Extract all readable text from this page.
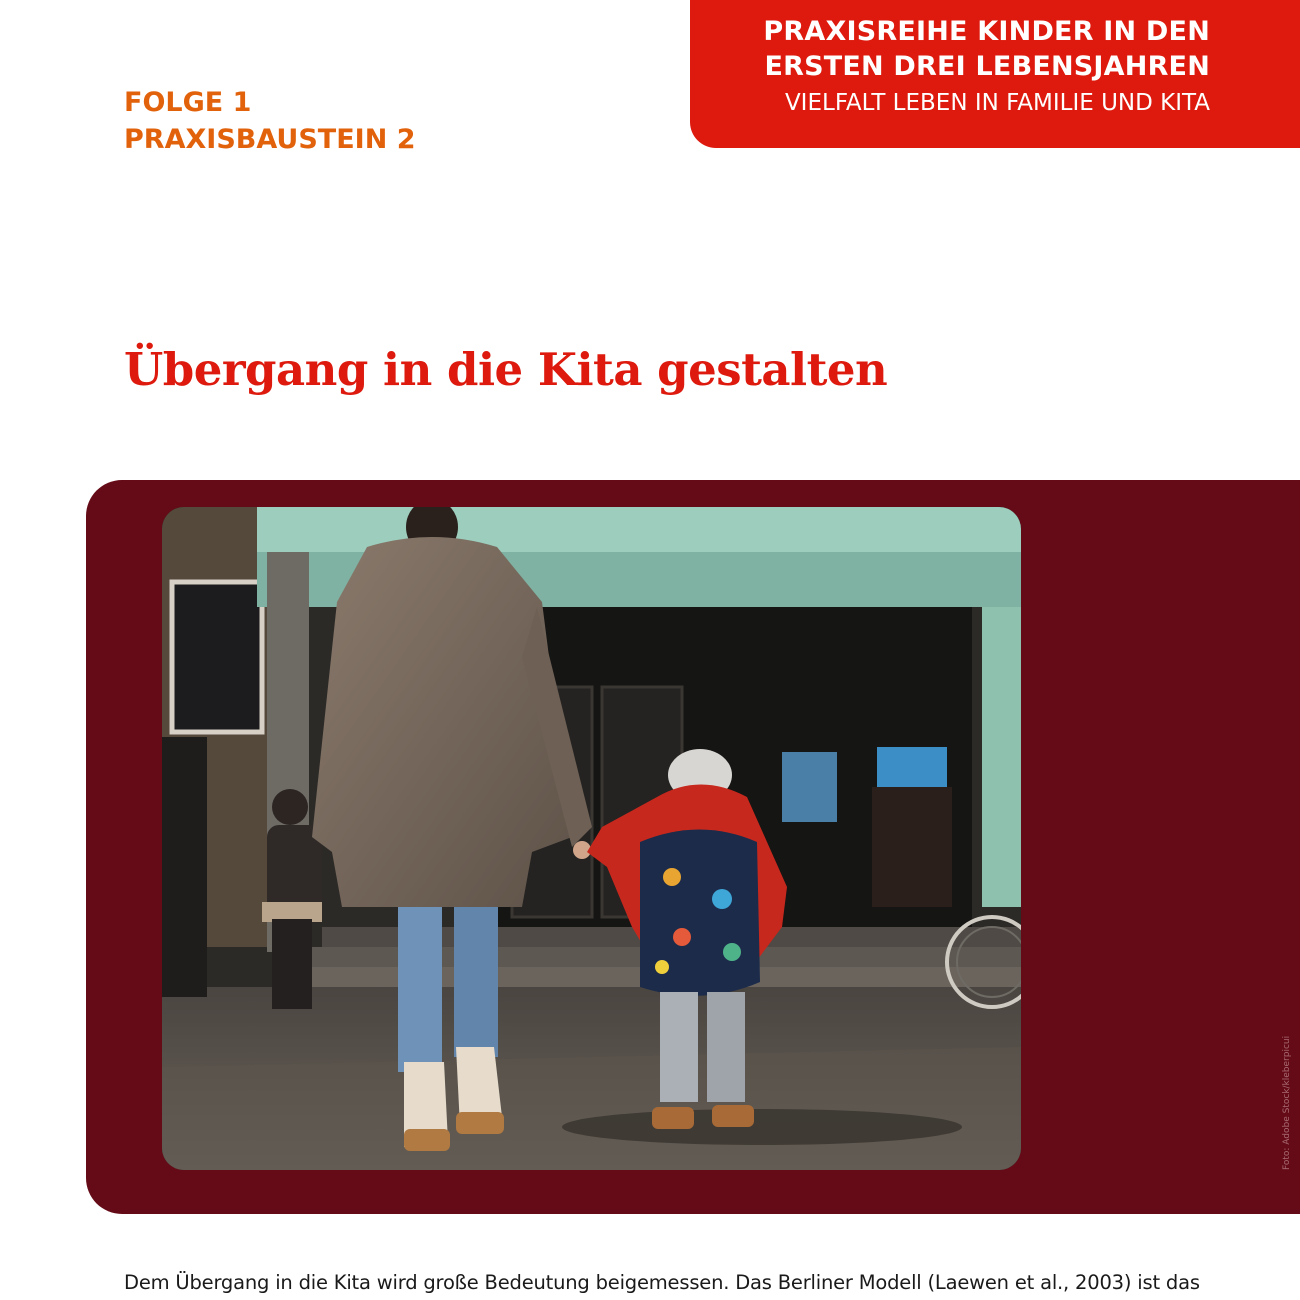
PRAXISREIHE KINDER IN DEN
ERSTEN DREI LEBENSJAHREN
VIELFALT LEBEN IN FAMILIE UND KITA
FOLGE 1
PRAXISBAUSTEIN 2
Übergang in die Kita gestalten
Foto: Adobe Stock/kleberpicui
Dem Übergang in die Kita wird große Bedeutung beigemessen. Das Berliner Modell (Laewen et al., 2003) ist das
